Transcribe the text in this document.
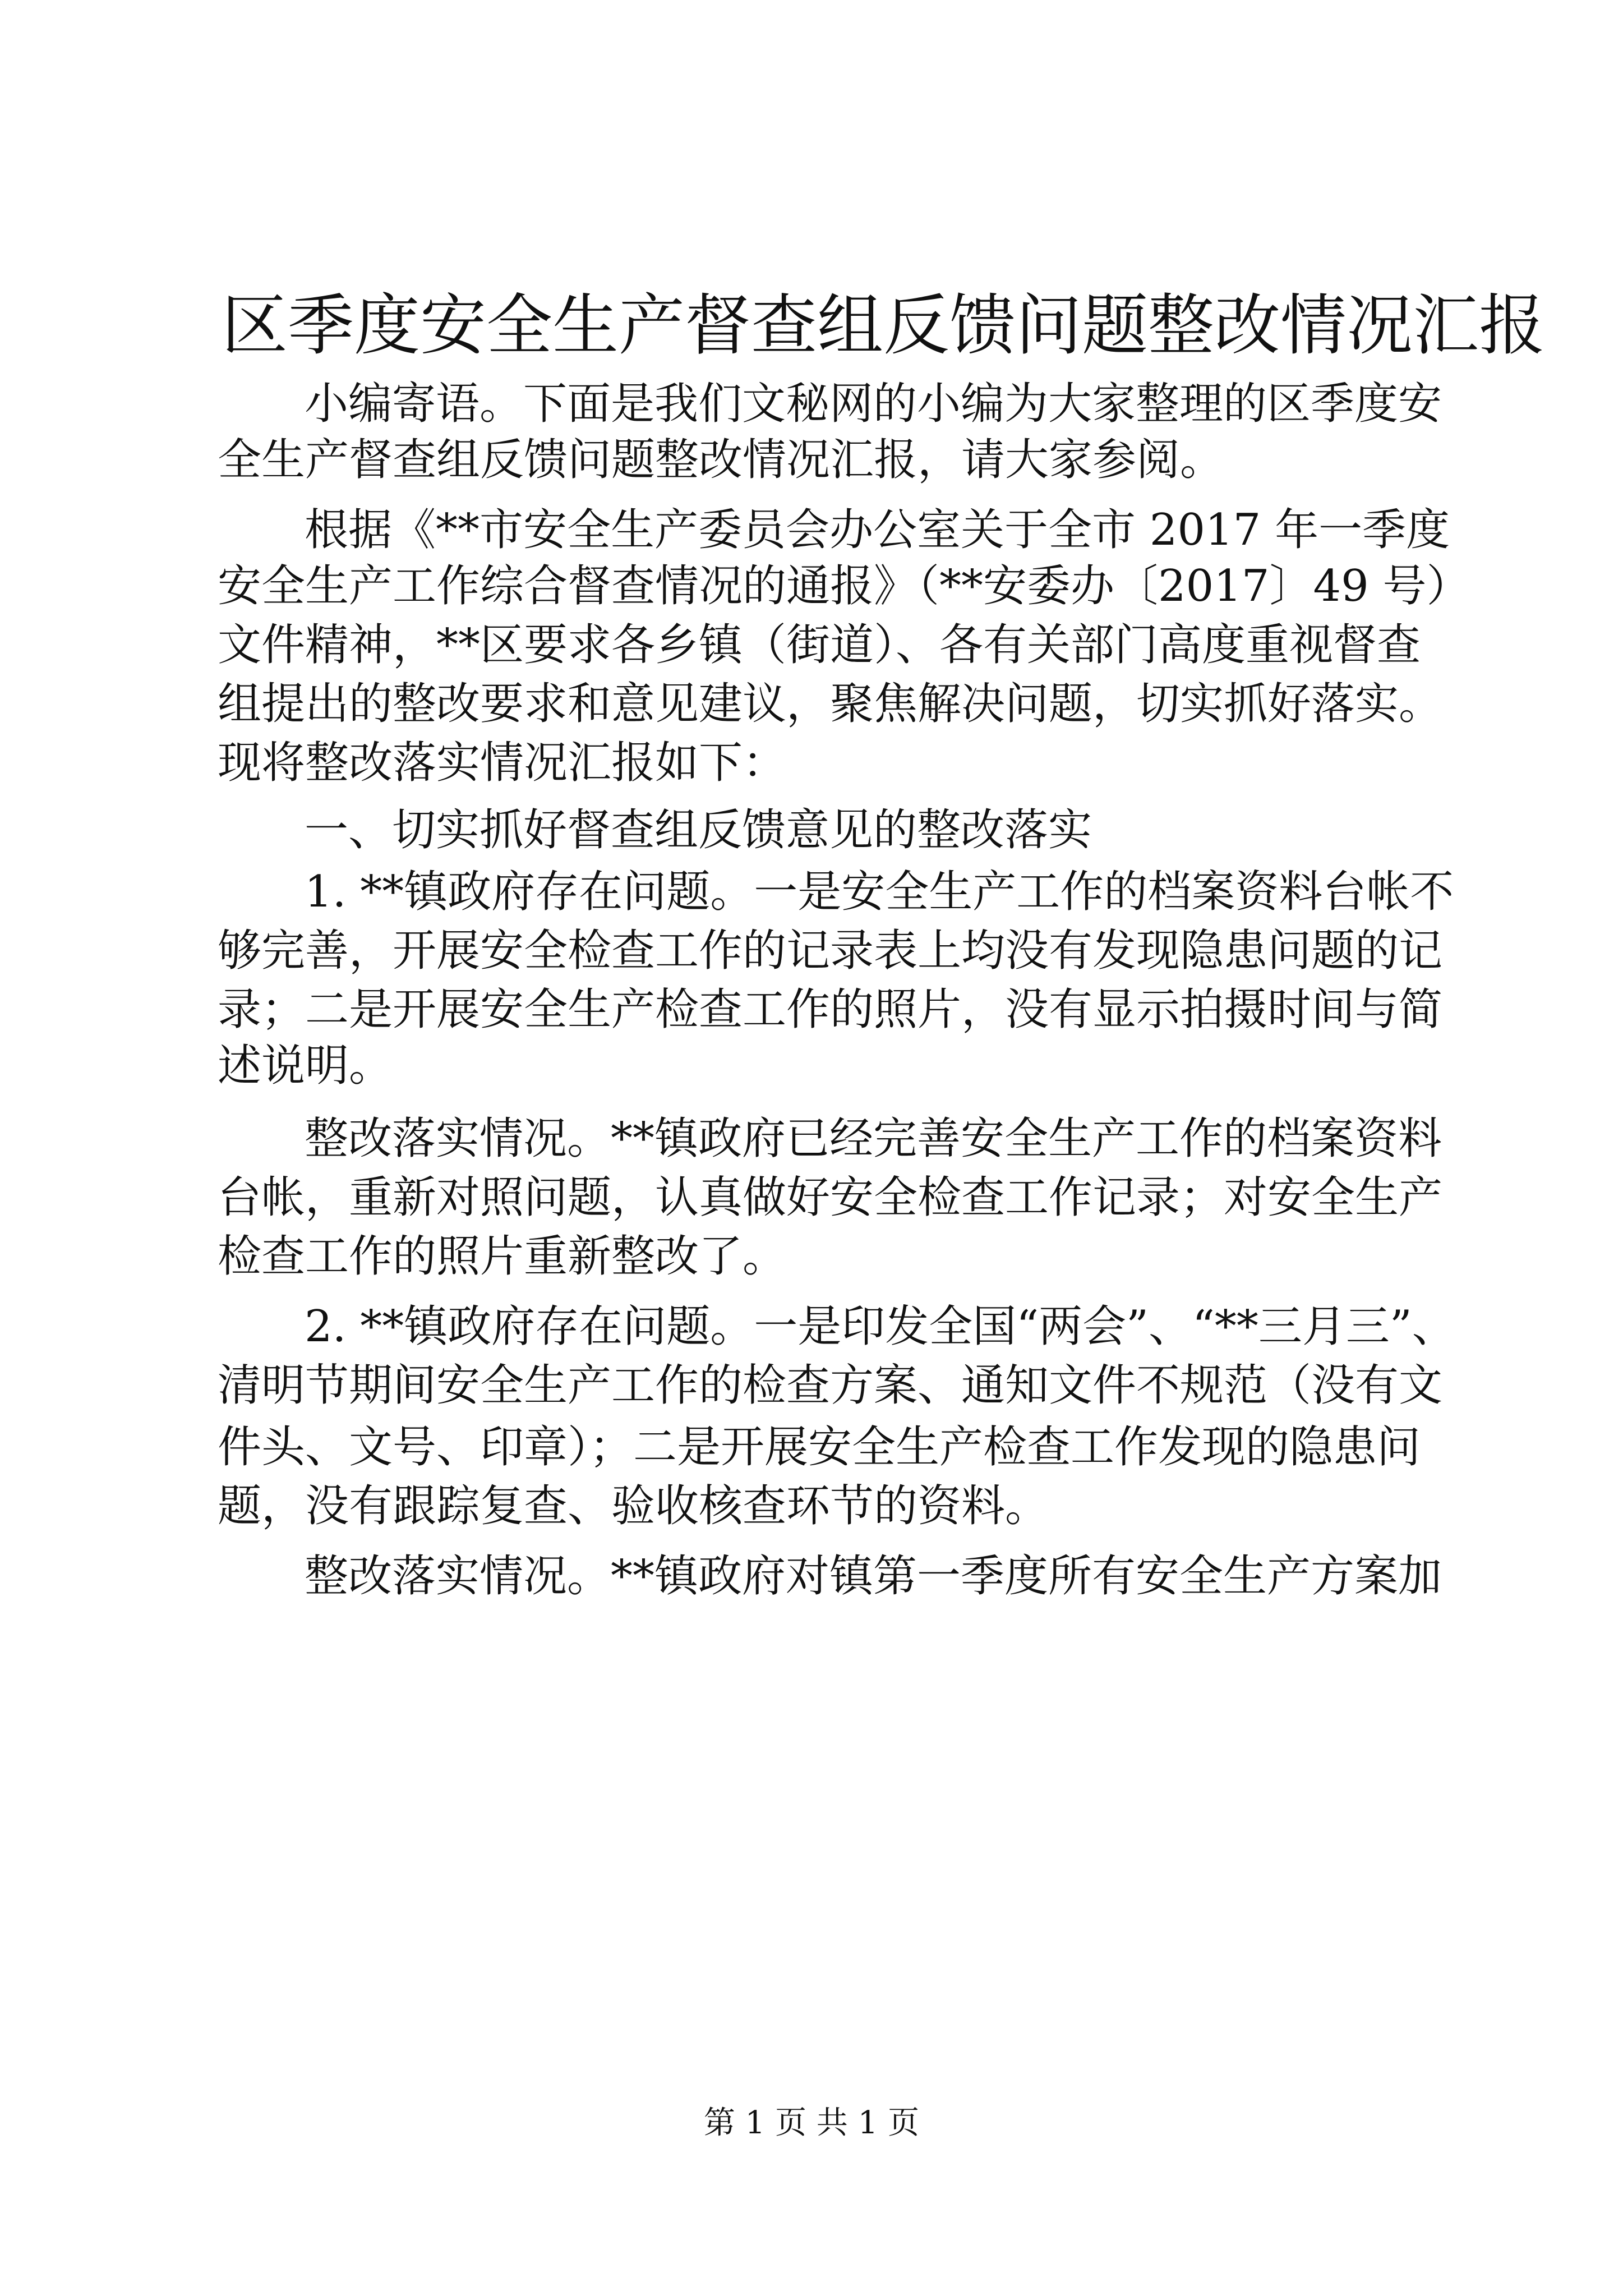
区季度安全生产督查组反馈问题整改情况汇报
小编寄语。下面是我们文秘网的小编为大家整理的区季度安
全生产督查组反馈问题整改情况汇报，请大家参阅。
根据《**市安全生产委员会办公室关于全市 2017 年一季度
安全生产工作综合督查情况的通报》（**安委办〔2017〕49 号）
文件精神，**区要求各乡镇（街道）、各有关部门高度重视督查
组提出的整改要求和意见建议，聚焦解决问题，切实抓好落实。
现将整改落实情况汇报如下：
一、切实抓好督查组反馈意见的整改落实
1. **镇政府存在问题。一是安全生产工作的档案资料台帐不
够完善，开展安全检查工作的记录表上均没有发现隐患问题的记
录；二是开展安全生产检查工作的照片，没有显示拍摄时间与简
述说明。
整改落实情况。**镇政府已经完善安全生产工作的档案资料
台帐，重新对照问题，认真做好安全检查工作记录；对安全生产
检查工作的照片重新整改了。
2. **镇政府存在问题。一是印发全国“两会”、“**三月三”、
清明节期间安全生产工作的检查方案、通知文件不规范（没有文
件头、文号、印章）；二是开展安全生产检查工作发现的隐患问
题，没有跟踪复查、验收核查环节的资料。
整改落实情况。**镇政府对镇第一季度所有安全生产方案加
第 1 页 共 1 页
